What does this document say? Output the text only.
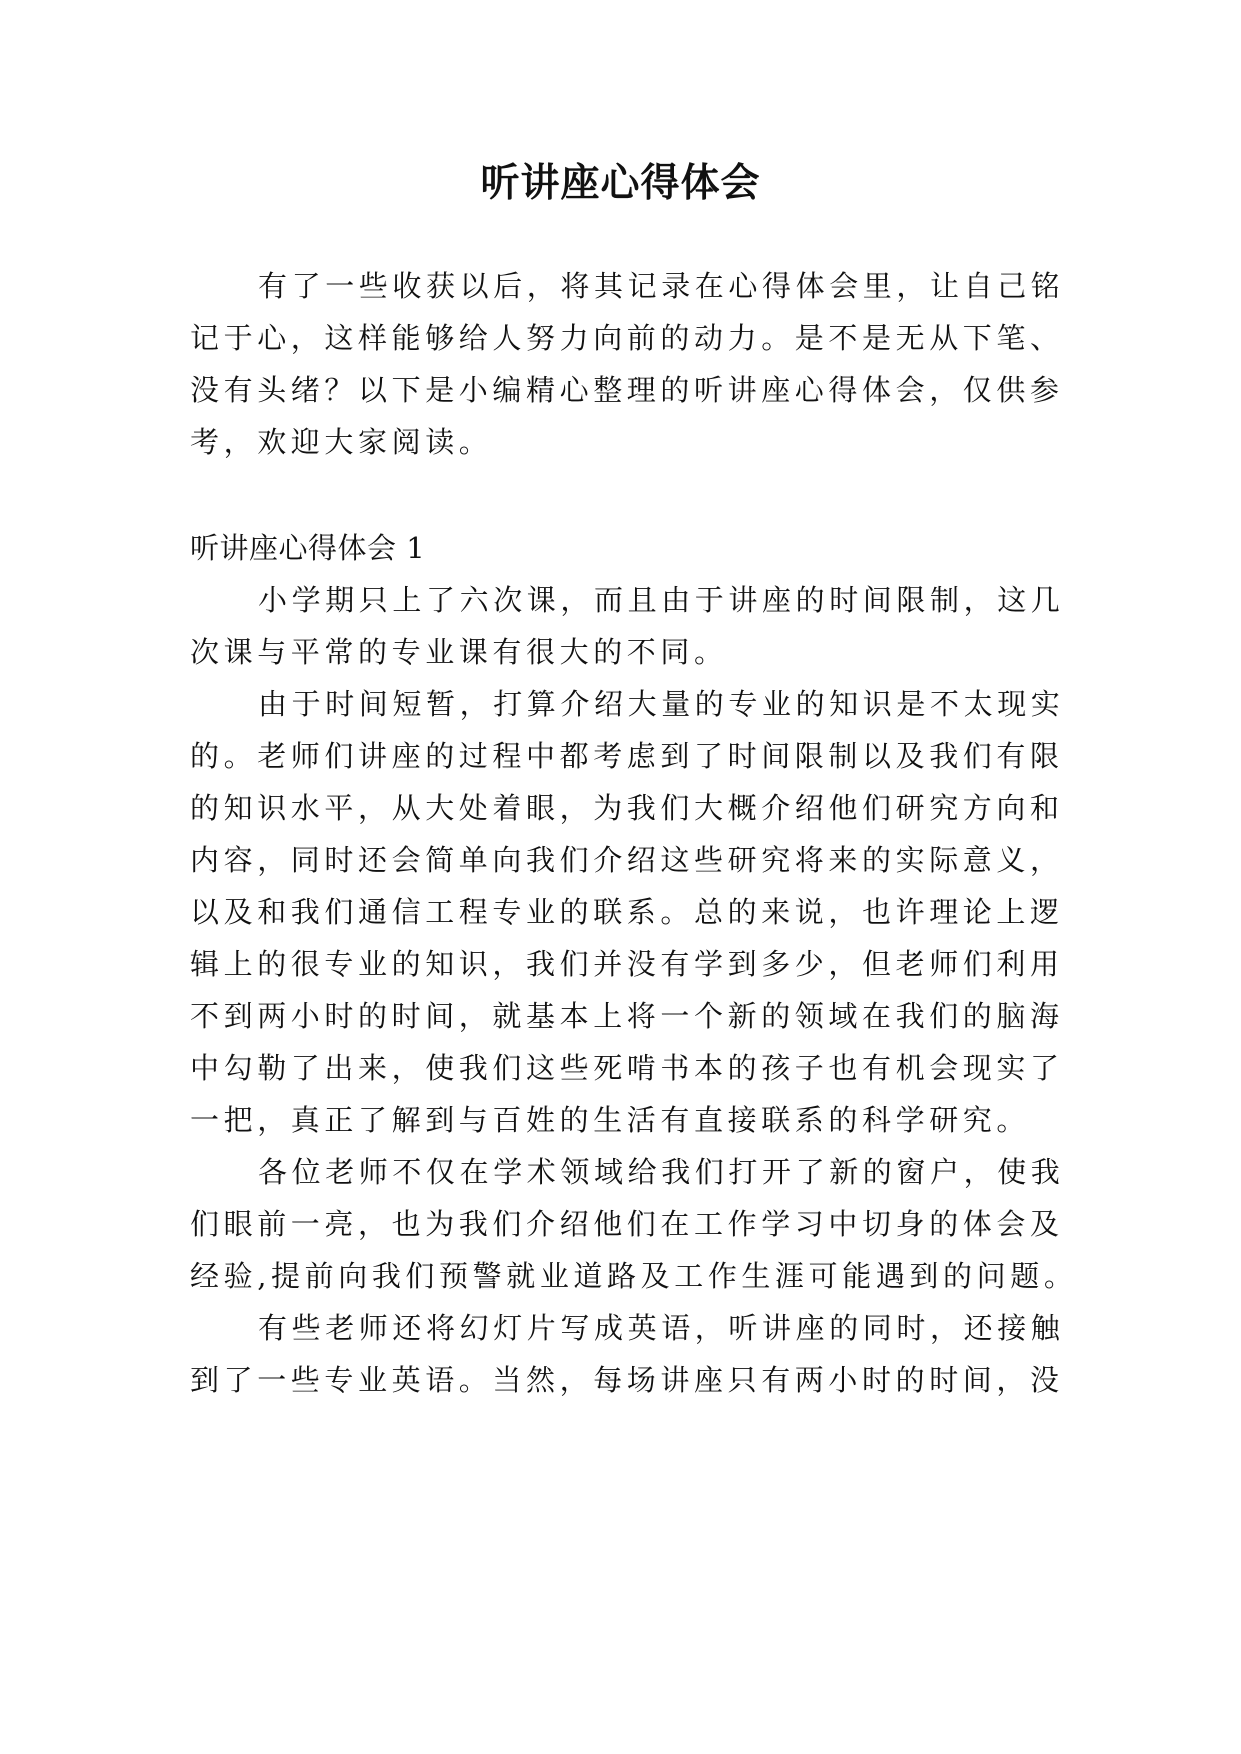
听讲座心得体会

有了一些收获以后，将其记录在心得体会里，让自己铭

记于心，这样能够给人努力向前的动力。是不是无从下笔、

没有头绪？以下是小编精心整理的听讲座心得体会，仅供参

考，欢迎大家阅读。

听讲座心得体会 1

小学期只上了六次课，而且由于讲座的时间限制，这几

次课与平常的专业课有很大的不同。

由于时间短暂，打算介绍大量的专业的知识是不太现实

的。老师们讲座的过程中都考虑到了时间限制以及我们有限

的知识水平，从大处着眼，为我们大概介绍他们研究方向和

内容，同时还会简单向我们介绍这些研究将来的实际意义，

以及和我们通信工程专业的联系。总的来说，也许理论上逻

辑上的很专业的知识，我们并没有学到多少，但老师们利用

不到两小时的时间，就基本上将一个新的领域在我们的脑海

中勾勒了出来，使我们这些死啃书本的孩子也有机会现实了

一把，真正了解到与百姓的生活有直接联系的科学研究。

各位老师不仅在学术领域给我们打开了新的窗户，使我

们眼前一亮，也为我们介绍他们在工作学习中切身的体会及

经验,提前向我们预警就业道路及工作生涯可能遇到的问题。

有些老师还将幻灯片写成英语，听讲座的同时，还接触

到了一些专业英语。当然，每场讲座只有两小时的时间，没
